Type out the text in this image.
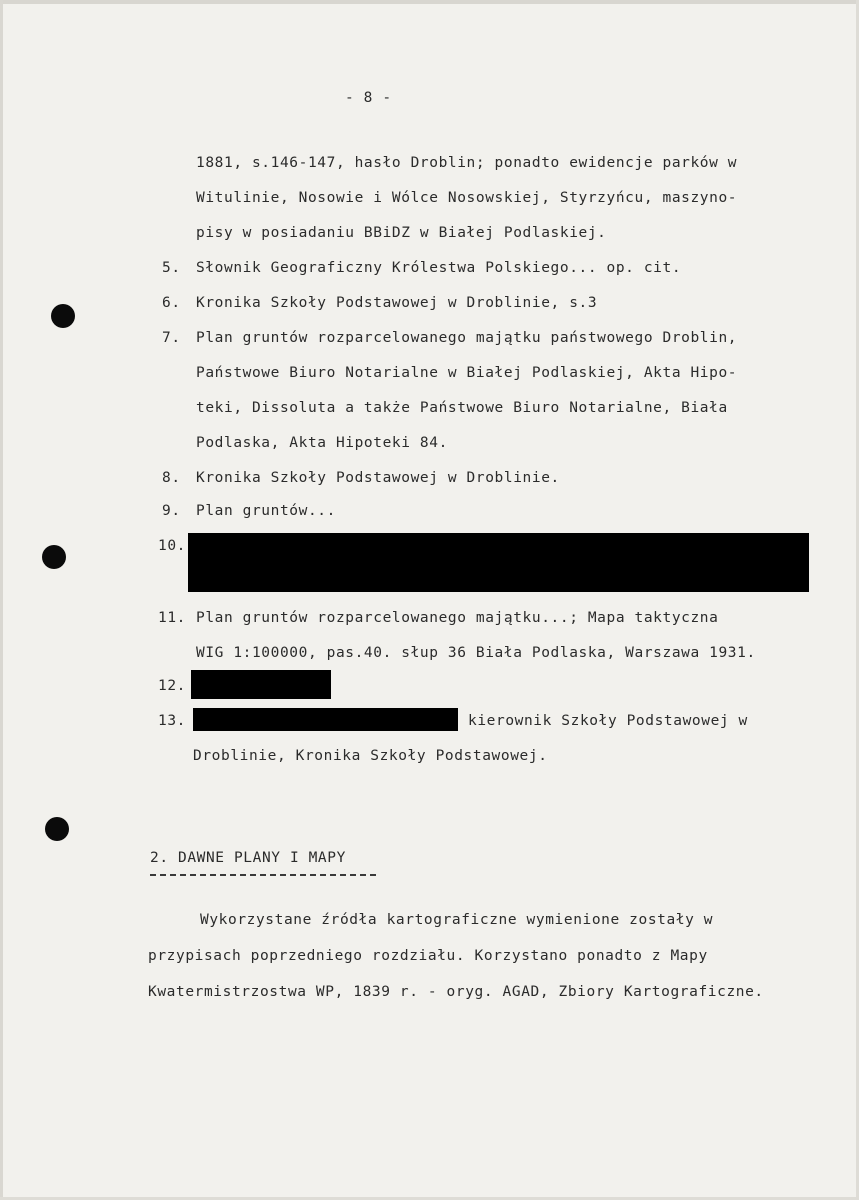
- 8 -
1881, s.146-147, hasło Droblin; ponadto ewidencje parków w
Witulinie, Nosowie i Wólce Nosowskiej, Styrzyńcu, maszyno-
pisy w posiadaniu BBiDZ w Białej Podlaskiej.
5. Słownik Geograficzny Królestwa Polskiego... op. cit.
6. Kronika Szkoły Podstawowej w Droblinie, s.3
7. Plan gruntów rozparcelowanego majątku państwowego Droblin,
Państwowe Biuro Notarialne w Białej Podlaskiej, Akta Hipo-
teki, Dissoluta a także Państwowe Biuro Notarialne, Biała
Podlaska, Akta Hipoteki 84.
8. Kronika Szkoły Podstawowej w Droblinie.
9. Plan gruntów...
10.
11. Plan gruntów rozparcelowanego majątku...; Mapa taktyczna
WIG 1:100000, pas.40. słup 36 Biała Podlaska, Warszawa 1931.
12.
13.	kierownik Szkoły Podstawowej w
Droblinie, Kronika Szkoły Podstawowej.
2. DAWNE PLANY I MAPY
Wykorzystane źródła kartograficzne wymienione zostały w
przypisach poprzedniego rozdziału. Korzystano ponadto z Mapy
Kwatermistrzostwa WP, 1839 r. - oryg. AGAD, Zbiory Kartograficzne.
